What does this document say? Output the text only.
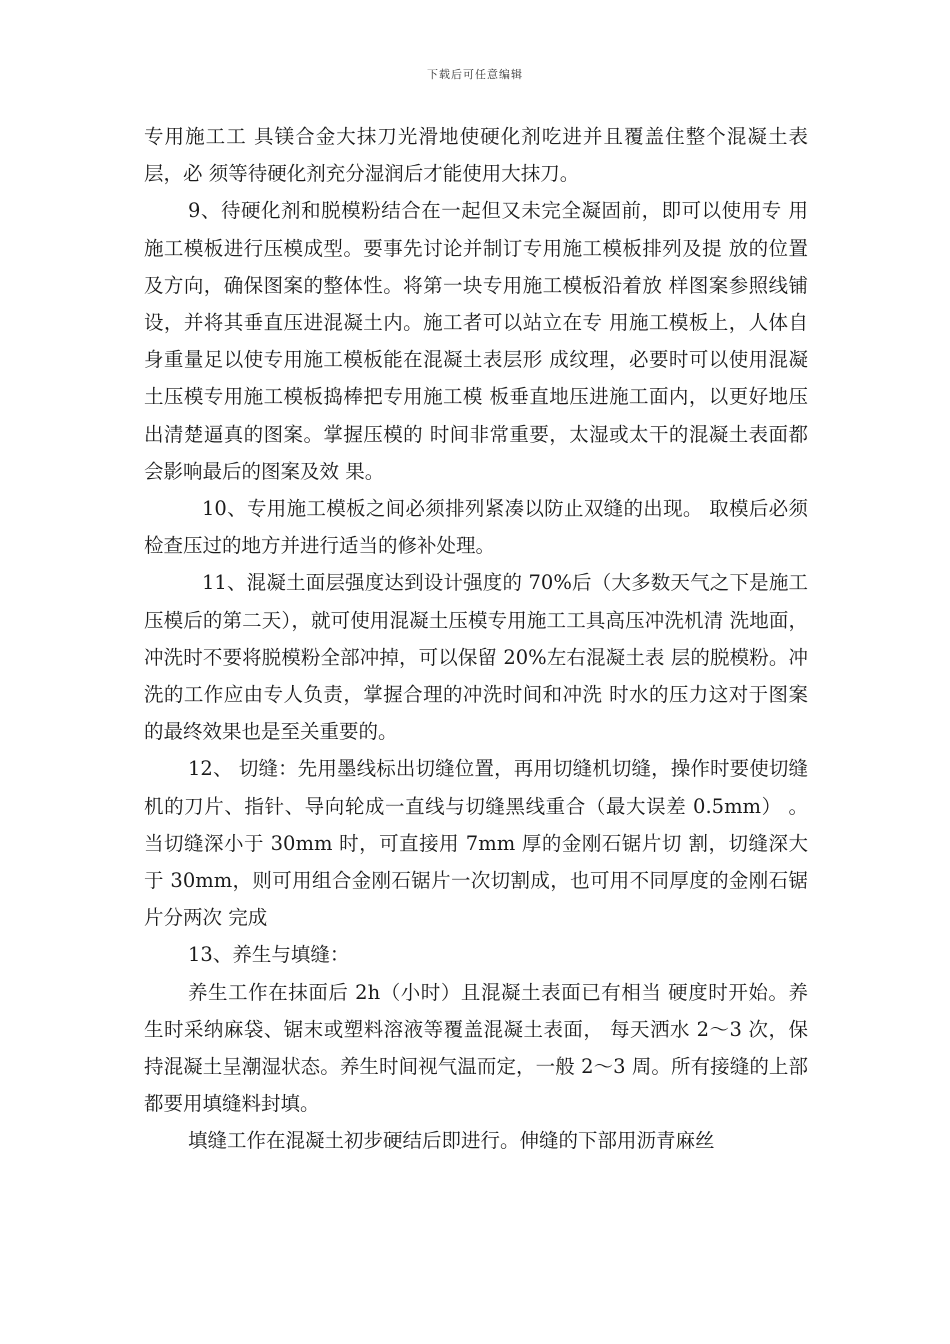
下载后可任意编辑

专用施工工 具镁合金大抹刀光滑地使硬化剂吃进并且覆盖住整个混凝土表层，必 须等待硬化剂充分湿润后才能使用大抹刀。

9、待硬化剂和脱模粉结合在一起但又未完全凝固前，即可以使用专 用施工模板进行压模成型。要事先讨论并制订专用施工模板排列及提 放的位置及方向，确保图案的整体性。将第一块专用施工模板沿着放 样图案参照线铺设，并将其垂直压进混凝土内。施工者可以站立在专 用施工模板上，人体自身重量足以使专用施工模板能在混凝土表层形 成纹理，必要时可以使用混凝土压模专用施工模板捣棒把专用施工模 板垂直地压进施工面内，以更好地压出清楚逼真的图案。掌握压模的 时间非常重要，太湿或太干的混凝土表面都会影响最后的图案及效 果。

10、专用施工模板之间必须排列紧凑以防止双缝的出现。 取模后必须检查压过的地方并进行适当的修补处理。

11、混凝土面层强度达到设计强度的 70%后（大多数天气之下是施工压模后的第二天），就可使用混凝土压模专用施工工具高压冲洗机清 洗地面，冲洗时不要将脱模粉全部冲掉，可以保留 20%左右混凝土表 层的脱模粉。冲洗的工作应由专人负责，掌握合理的冲洗时间和冲洗 时水的压力这对于图案的最终效果也是至关重要的。

12、 切缝：先用墨线标出切缝位置，再用切缝机切缝，操作时要使切缝 机的刀片、指针、导向轮成一直线与切缝黑线重合（最大误差 0.5mm） 。当切缝深小于 30mm 时，可直接用 7mm 厚的金刚石锯片切 割，切缝深大于 30mm，则可用组合金刚石锯片一次切割成，也可用不同厚度的金刚石锯片分两次 完成

13、养生与填缝：

养生工作在抹面后 2h（小时）且混凝土表面已有相当 硬度时开始。养生时采纳麻袋、锯末或塑料溶液等覆盖混凝土表面， 每天洒水 2～3 次，保持混凝土呈潮湿状态。养生时间视气温而定，一般 2～3 周。所有接缝的上部都要用填缝料封填。

填缝工作在混凝土初步硬结后即进行。伸缝的下部用沥青麻丝
